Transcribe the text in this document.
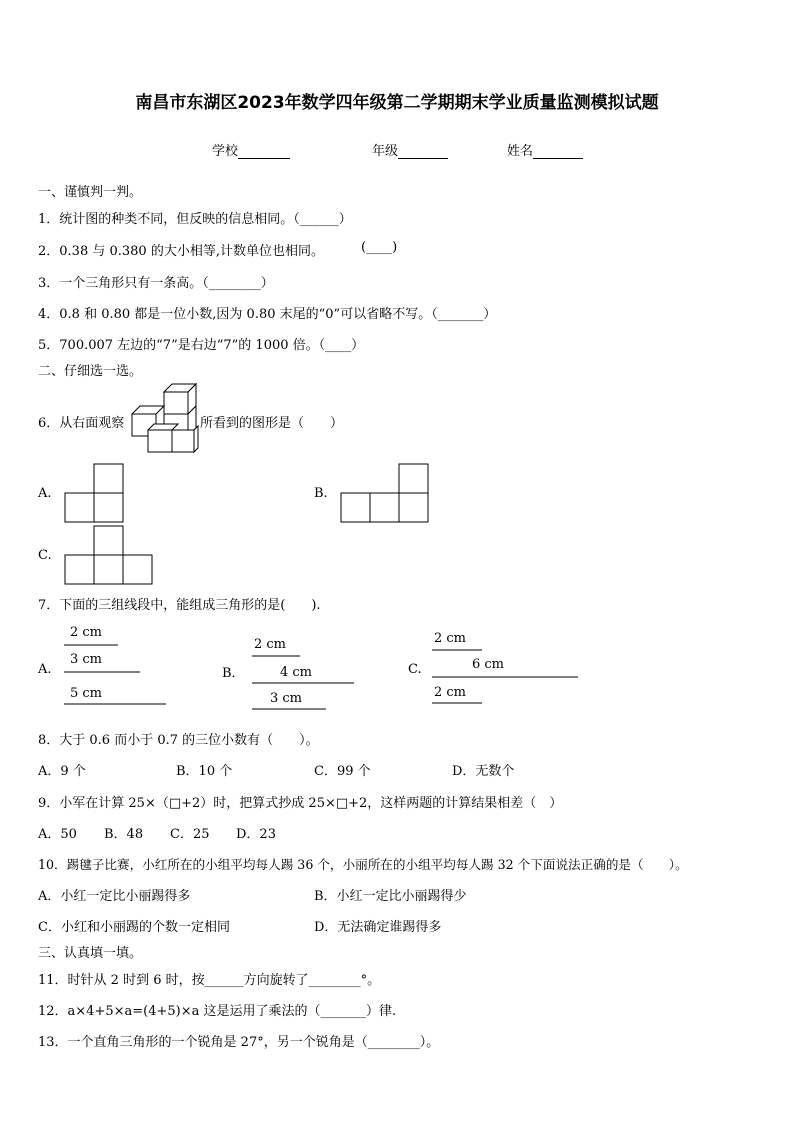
南昌市东湖区2023年数学四年级第二学期期末学业质量监测模拟试题
学校	年级	姓名
一、谨慎判一判。
1．统计图的种类不同，但反映的信息相同。（______）
2．0.38 与 0.380 的大小相等,计数单位也相同。	(____)
3．一个三角形只有一条高。（________）
4．0.8 和 0.80 都是一位小数,因为 0.80 末尾的“0”可以省略不写。（_______）
5．700.007 左边的“7”是右边“7”的 1000 倍。（____）
二、仔细选一选。
6．从右面观察	所看到的图形是（　　）
A.	B.
C.
7．下面的三组线段中，能组成三角形的是(　　).
A.
2 cm
3 cm
5 cm
B．
2 cm
4 cm
3 cm
C.
2 cm
6 cm
2 cm
8．大于 0.6 而小于 0.7 的三位小数有（　　）。
A．9 个	B．10 个	C．99 个	D．无数个
9．小军在计算 25×（□+2）时，把算式抄成 25×□+2，这样两题的计算结果相差（　）
A．50 B．48 C．25 D．23
10．踢毽子比赛，小红所在的小组平均每人踢 36 个，小丽所在的小组平均每人踢 32 个下面说法正确的是（　　）。
A．小红一定比小丽踢得多	B．小红一定比小丽踢得少
C．小红和小丽踢的个数一定相同	D．无法确定谁踢得多
三、认真填一填。
11．时针从 2 时到 6 时，按______方向旋转了________°。
12．a×4+5×a=(4+5)×a 这是运用了乘法的（_______）律.
13．一个直角三角形的一个锐角是 27°，另一个锐角是（________）。
